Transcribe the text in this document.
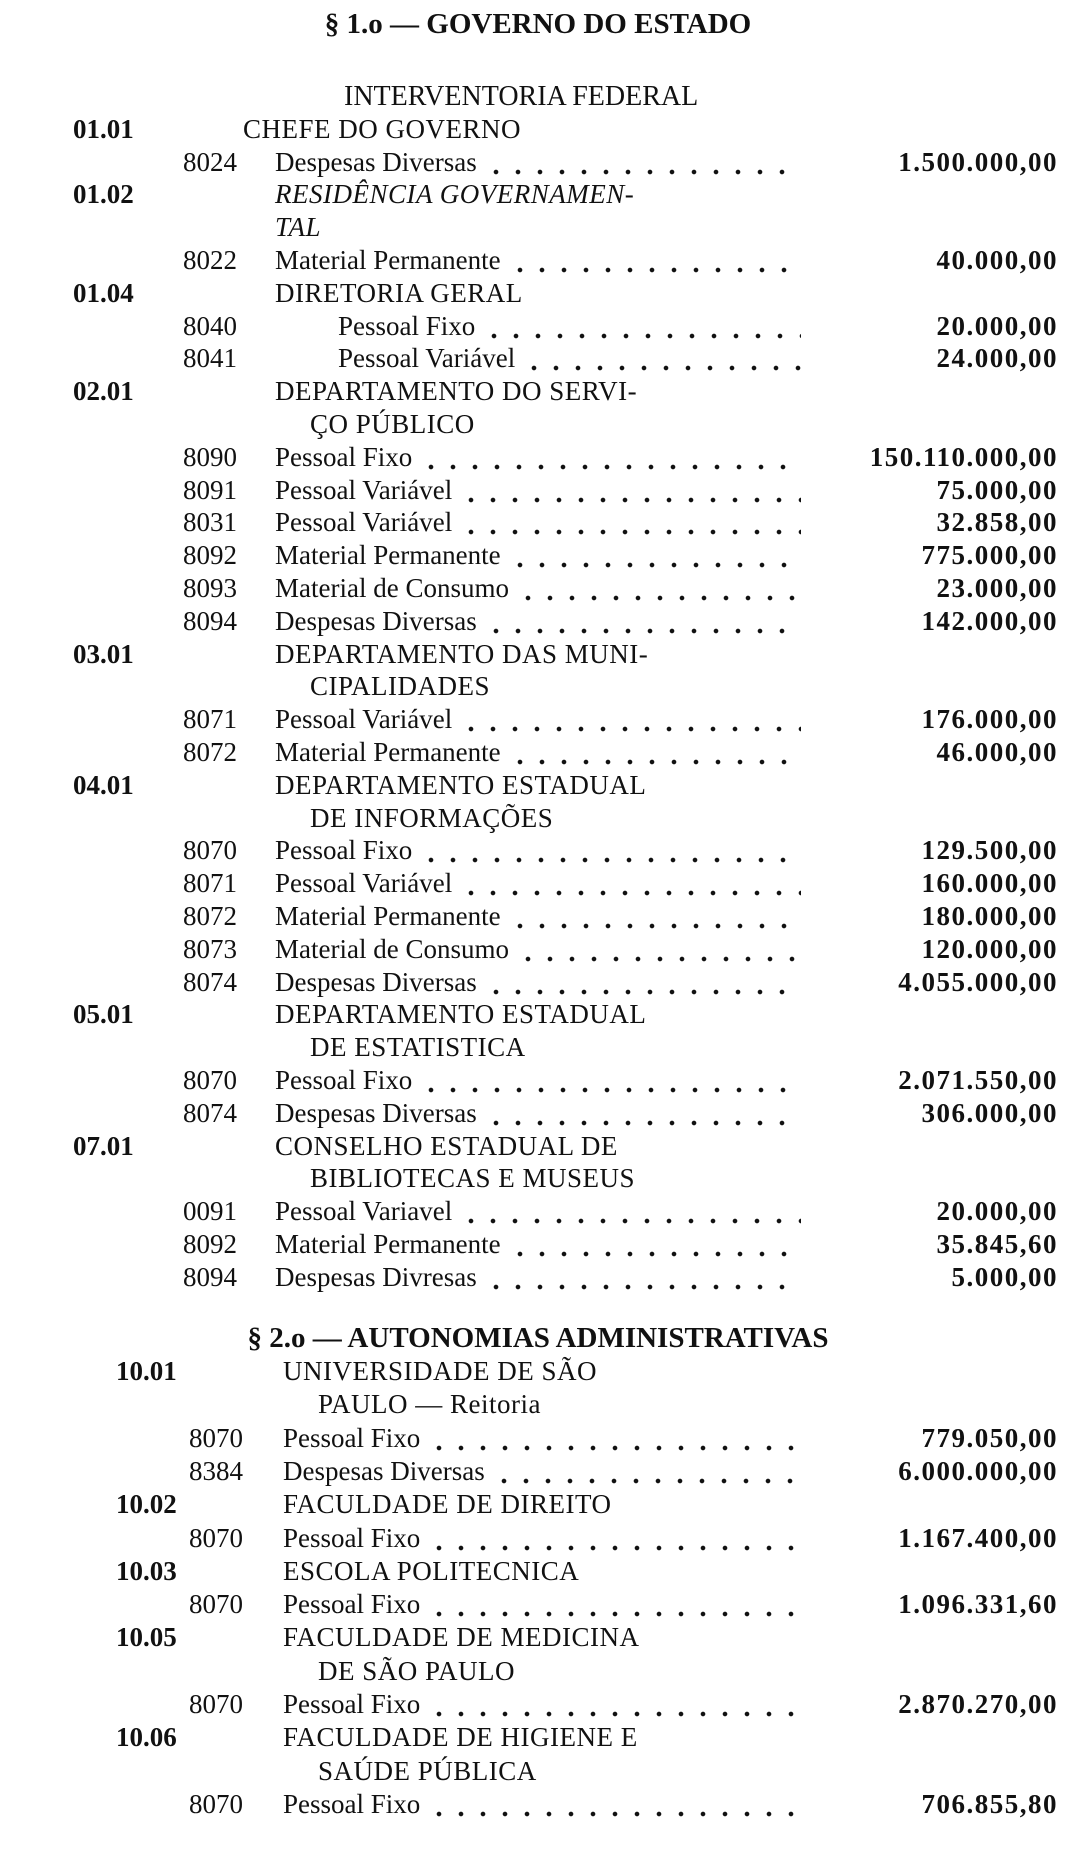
§ 1.o — GOVERNO DO ESTADO
INTERVENTORIA FEDERAL
01.01	CHEFE DO GOVERNO
8024 Despesas Diversas	1.500.000,00
01.02	RESIDÊNCIA GOVERNAMEN-
TAL
8022 Material Permanente	40.000,00
01.04	DIRETORIA GERAL
8040	Pessoal Fixo	20.000,00
8041	Pessoal Variável	24.000,00
02.01	DEPARTAMENTO DO SERVI-
ÇO PÚBLICO
8090 Pessoal Fixo	150.110.000,00
8091 Pessoal Variável	75.000,00
8031 Pessoal Variável	32.858,00
8092 Material Permanente	775.000,00
8093 Material de Consumo	23.000,00
8094 Despesas Diversas	142.000,00
03.01	DEPARTAMENTO DAS MUNI-
CIPALIDADES
8071 Pessoal Variável	176.000,00
8072 Material Permanente	46.000,00
04.01	DEPARTAMENTO ESTADUAL
DE INFORMAÇÕES
8070 Pessoal Fixo	129.500,00
8071 Pessoal Variável	160.000,00
8072 Material Permanente	180.000,00
8073 Material de Consumo	120.000,00
8074 Despesas Diversas	4.055.000,00
05.01	DEPARTAMENTO ESTADUAL
DE ESTATISTICA
8070 Pessoal Fixo	2.071.550,00
8074 Despesas Diversas	306.000,00
07.01	CONSELHO ESTADUAL DE
BIBLIOTECAS E MUSEUS
0091 Pessoal Variavel	20.000,00
8092 Material Permanente	35.845,60
8094 Despesas Divresas	5.000,00
§ 2.o — AUTONOMIAS ADMINISTRATIVAS
10.01	UNIVERSIDADE DE SÃO
PAULO — Reitoria
8070 Pessoal Fixo	779.050,00
8384 Despesas Diversas	6.000.000,00
10.02	FACULDADE DE DIREITO
8070 Pessoal Fixo	1.167.400,00
10.03	ESCOLA POLITECNICA
8070 Pessoal Fixo	1.096.331,60
10.05	FACULDADE DE MEDICINA
DE SÃO PAULO
8070 Pessoal Fixo	2.870.270,00
10.06	FACULDADE DE HIGIENE E
SAÚDE PÚBLICA
8070 Pessoal Fixo	706.855,80
